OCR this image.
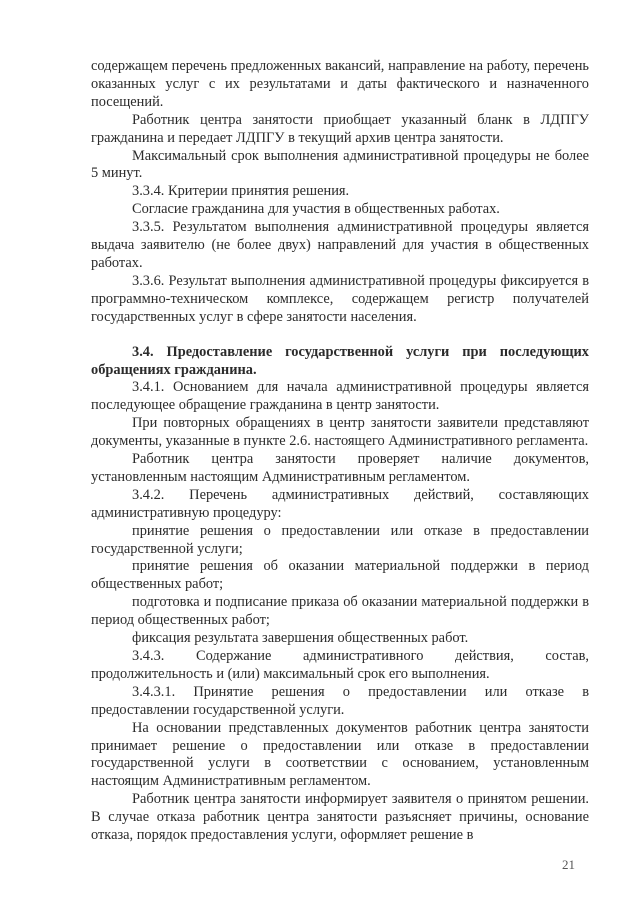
содержащем перечень предложенных вакансий, направление на работу, перечень оказанных услуг с их результатами и даты фактического и назначенного посещений.

Работник центра занятости приобщает указанный бланк в ЛДПГУ гражданина и передает ЛДПГУ в текущий архив центра занятости.

Максимальный срок выполнения административной процедуры не более 5 минут.

3.3.4. Критерии принятия решения.

Согласие гражданина для участия в общественных работах.

3.3.5. Результатом выполнения административной процедуры является выдача заявителю (не более двух) направлений для участия в общественных работах.

3.3.6. Результат выполнения административной процедуры фиксируется в программно-техническом комплексе, содержащем регистр получателей государственных услуг в сфере занятости населения.

3.4. Предоставление государственной услуги при последующих обращениях гражданина.

3.4.1. Основанием для начала административной процедуры является последующее обращение гражданина в центр занятости.

При повторных обращениях в центр занятости заявители представляют документы, указанные в пункте 2.6. настоящего Административного регламента.

Работник центра занятости проверяет наличие документов, установленным настоящим Административным регламентом.

3.4.2. Перечень административных действий, составляющих административную процедуру:

принятие решения о предоставлении или отказе в предоставлении государственной услуги;

принятие решения об оказании материальной поддержки в период общественных работ;

подготовка и подписание приказа об оказании материальной поддержки в период общественных работ;

фиксация результата завершения общественных работ.

3.4.3. Содержание административного действия, состав, продолжительность и (или) максимальный срок его выполнения.

3.4.3.1. Принятие решения о предоставлении или отказе в предоставлении государственной услуги.

На основании представленных документов работник центра занятости принимает решение о предоставлении или отказе в предоставлении государственной услуги в соответствии с основанием, установленным настоящим Административным регламентом.

Работник центра занятости информирует заявителя о принятом решении. В случае отказа работник центра занятости разъясняет причины, основание отказа, порядок предоставления услуги, оформляет решение в

21
